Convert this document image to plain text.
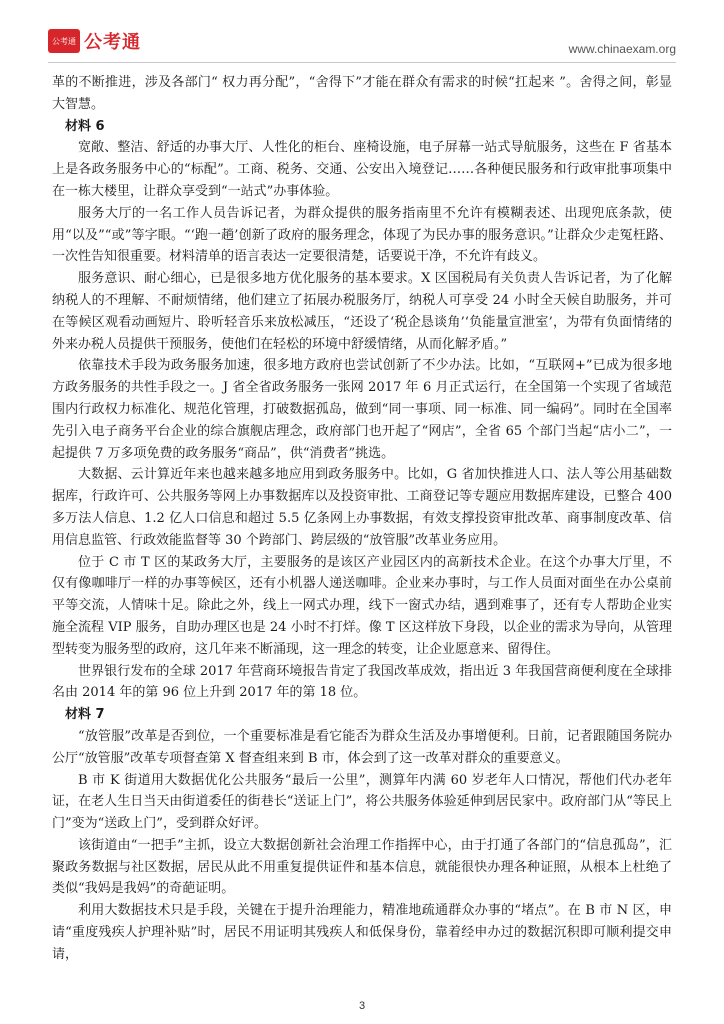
公考通 公考通	www.chinaexam.org

革的不断推进，涉及各部门“ 权力再分配”，“舍得下”才能在群众有需求的时候“扛起来 ”。舍得之间，彰显大智慧。

材料 6

宽敞、整洁、舒适的办事大厅、人性化的柜台、座椅设施，电子屏幕一站式导航服务，这些在 F 省基本上是各政务服务中心的“标配”。工商、税务、交通、公安出入境登记……各种便民服务和行政审批事项集中在一栋大楼里，让群众享受到“一站式”办事体验。

服务大厅的一名工作人员告诉记者，为群众提供的服务指南里不允许有模糊表述、出现兜底条款，使用“以及”“或”等字眼。“‘跑一趟’创新了政府的服务理念，体现了为民办事的服务意识。”让群众少走冤枉路、一次性告知很重要。材料清单的语言表达一定要很清楚，话要说干净，不允许有歧义。

服务意识、耐心细心，已是很多地方优化服务的基本要求。X 区国税局有关负责人告诉记者，为了化解纳税人的不理解、不耐烦情绪，他们建立了拓展办税服务厅，纳税人可享受 24 小时全天候自助服务，并可在等候区观看动画短片、聆听轻音乐来放松减压，“还设了‘税企恳谈角’‘负能量宣泄室’，为带有负面情绪的外来办税人员提供干预服务，使他们在轻松的环境中舒缓情绪，从而化解矛盾。”

依靠技术手段为政务服务加速，很多地方政府也尝试创新了不少办法。比如，“互联网+”已成为很多地方政务服务的共性手段之一。J 省全省政务服务一张网 2017 年 6 月正式运行，在全国第一个实现了省域范围内行政权力标准化、规范化管理，打破数据孤岛，做到“同一事项、同一标准、同一编码”。同时在全国率先引入电子商务平台企业的综合旗舰店理念，政府部门也开起了“网店”，全省 65 个部门当起“店小二”，一起提供 7 万多项免费的政务服务“商品”，供“消费者”挑选。

大数据、云计算近年来也越来越多地应用到政务服务中。比如，G 省加快推进人口、法人等公用基础数据库，行政许可、公共服务等网上办事数据库以及投资审批、工商登记等专题应用数据库建设，已整合 400 多万法人信息、1.2 亿人口信息和超过 5.5 亿条网上办事数据，有效支撑投资审批改革、商事制度改革、信用信息监管、行政效能监督等 30 个跨部门、跨层级的“放管服”改革业务应用。

位于 C 市 T 区的某政务大厅，主要服务的是该区产业园区内的高新技术企业。在这个办事大厅里，不仅有像咖啡厅一样的办事等候区，还有小机器人递送咖啡。企业来办事时，与工作人员面对面坐在办公桌前平等交流，人情味十足。除此之外，线上一网式办理，线下一窗式办结，遇到难事了，还有专人帮助企业实施全流程 VIP 服务，自助办理区也是 24 小时不打烊。像 T 区这样放下身段，以企业的需求为导向，从管理型转变为服务型的政府，这几年来不断涌现，这一理念的转变，让企业愿意来、留得住。

世界银行发布的全球 2017 年营商环境报告肯定了我国改革成效，指出近 3 年我国营商便利度在全球排名由 2014 年的第 96 位上升到 2017 年的第 18 位。

材料 7

“放管服”改革是否到位，一个重要标准是看它能否为群众生活及办事增便利。日前，记者跟随国务院办公厅“放管服”改革专项督查第 X 督查组来到 B 市，体会到了这一改革对群众的重要意义。

B 市 K 街道用大数据优化公共服务“最后一公里”，测算年内满 60 岁老年人口情况，帮他们代办老年证，在老人生日当天由街道委任的街巷长“送证上门”，将公共服务体验延伸到居民家中。政府部门从“等民上门”变为“送政上门”，受到群众好评。

该街道由“一把手”主抓，设立大数据创新社会治理工作指挥中心，由于打通了各部门的“信息孤岛”，汇聚政务数据与社区数据，居民从此不用重复提供证件和基本信息，就能很快办理各种证照，从根本上杜绝了类似“我妈是我妈”的奇葩证明。

利用大数据技术只是手段，关键在于提升治理能力，精准地疏通群众办事的“堵点”。在 B 市 N 区，申请“重度残疾人护理补贴”时，居民不用证明其残疾人和低保身份，靠着经申办过的数据沉积即可顺利提交申请，

3
